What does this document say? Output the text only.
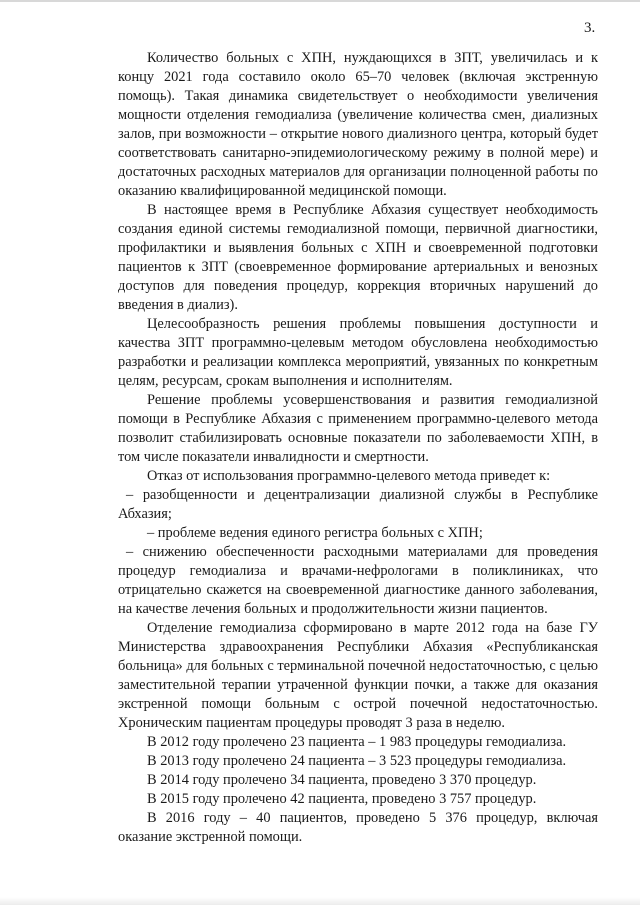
3.

Количество больных с ХПН, нуждающихся в ЗПТ, увеличилась и к концу 2021 года составило около 65–70 человек (включая экстренную помощь). Такая динамика свидетельствует о необходимости увеличения мощности отделения гемодиализа (увеличение количества смен, диализных залов, при возможности – открытие нового диализного центра, который будет соответствовать санитарно-эпидемиологическому режиму в полной мере) и достаточных расходных материалов для организации полноценной работы по оказанию квалифицированной медицинской помощи.

В настоящее время в Республике Абхазия существует необходимость создания единой системы гемодиализной помощи, первичной диагностики, профилактики и выявления больных с ХПН и своевременной подготовки пациентов к ЗПТ (своевременное формирование артериальных и венозных доступов для поведения процедур, коррекция вторичных нарушений до введения в диализ).

Целесообразность решения проблемы повышения доступности и качества ЗПТ программно-целевым методом обусловлена необходимостью разработки и реализации комплекса мероприятий, увязанных по конкретным целям, ресурсам, срокам выполнения и исполнителям.

Решение проблемы усовершенствования и развития гемодиализной помощи в Республике Абхазия с применением программно-целевого метода позволит стабилизировать основные показатели по заболеваемости ХПН, в том числе показатели инвалидности и смертности.

Отказ от использования программно-целевого метода приведет к:

– разобщенности и децентрализации диализной службы в Республике Абхазия;

– проблеме ведения единого регистра больных с ХПН;

– снижению обеспеченности расходными материалами для проведения процедур гемодиализа и врачами-нефрологами в поликлиниках, что отрицательно скажется на своевременной диагностике данного заболевания, на качестве лечения больных и продолжительности жизни пациентов.

Отделение гемодиализа сформировано в марте 2012 года на базе ГУ Министерства здравоохранения Республики Абхазия «Республиканская больница» для больных с терминальной почечной недостаточностью, с целью заместительной терапии утраченной функции почки, а также для оказания экстренной помощи больным с острой почечной недостаточностью. Хроническим пациентам процедуры проводят 3 раза в неделю.

В 2012 году пролечено 23 пациента – 1 983 процедуры гемодиализа.

В 2013 году пролечено 24 пациента – 3 523 процедуры гемодиализа.

В 2014 году пролечено 34 пациента, проведено 3 370 процедур.

В 2015 году пролечено 42 пациента, проведено 3 757 процедур.

В 2016 году – 40 пациентов, проведено 5 376 процедур, включая оказание экстренной помощи.
